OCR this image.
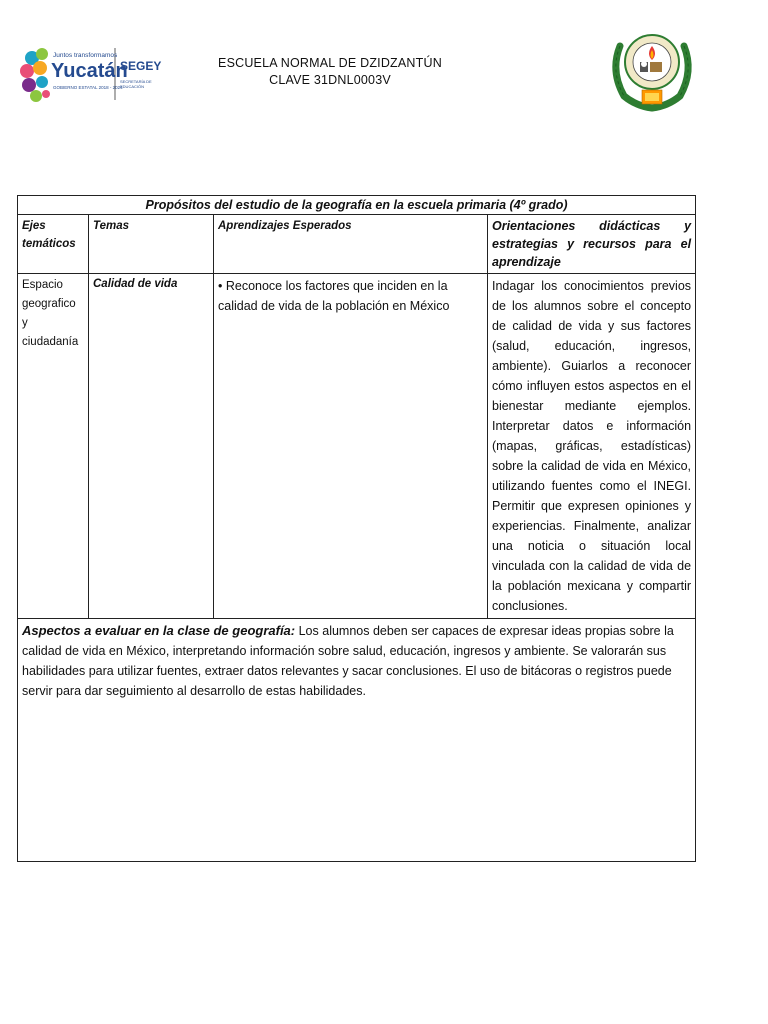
Juntos transformamos
Yucatán
GOBIERNO ESTATAL 2018 - 2024
SEGEY
SECRETARÍA DE EDUCACIÓN
ESCUELA NORMAL DE DZIDZANTÚN
CLAVE 31DNL0003V
Propósitos del estudio de la geografía en la escuela primaria (4º grado)			
Ejes temáticos	Temas	Aprendizajes Esperados	Orientaciones didácticas y estrategias y recursos para el aprendizaje
Espacio geografico y ciudadanía	Calidad de vida	• Reconoce los factores que inciden en la calidad de vida de la población en México	Indagar los conocimientos previos de los alumnos sobre el concepto de calidad de vida y sus factores (salud, educación, ingresos, ambiente). Guiarlos a reconocer cómo influyen estos aspectos en el bienestar mediante ejemplos. Interpretar datos e información (mapas, gráficas, estadísticas) sobre la calidad de vida en México, utilizando fuentes como el INEGI. Permitir que expresen opiniones y experiencias. Finalmente, analizar una noticia o situación local vinculada con la calidad de vida de la población mexicana y compartir conclusiones.
Aspectos a evaluar en la clase de geografía: Los alumnos deben ser capaces de expresar ideas propias sobre la calidad de vida en México, interpretando información sobre salud, educación, ingresos y ambiente. Se valorarán sus habilidades para utilizar fuentes, extraer datos relevantes y sacar conclusiones. El uso de bitácoras o registros puede servir para dar seguimiento al desarrollo de estas habilidades.			
